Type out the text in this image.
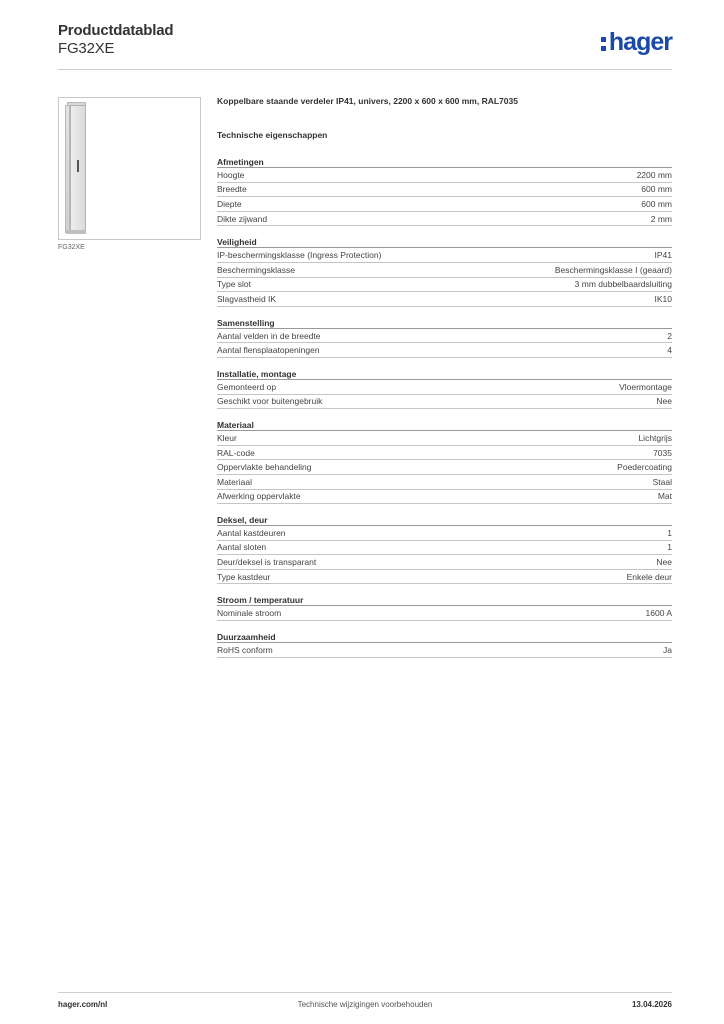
Productdatablad
FG32XE	hager
FG32XE
Koppelbare staande verdeler IP41, univers, 2200 x 600 x 600 mm, RAL7035
Technische eigenschappen
Afmetingen
Hoogte	2200 mm
Breedte	600 mm
Diepte	600 mm
Dikte zijwand	2 mm
Veiligheid
IP-beschermingsklasse (Ingress Protection)	IP41
Beschermingsklasse	Beschermingsklasse I (geaard)
Type slot	3 mm dubbelbaardsluiting
Slagvastheid IK	IK10
Samenstelling
Aantal velden in de breedte	2
Aantal flensplaatopeningen	4
Installatie, montage
Gemonteerd op	Vloermontage
Geschikt voor buitengebruik	Nee
Materiaal
Kleur	Lichtgrijs
RAL-code	7035
Oppervlakte behandeling	Poedercoating
Materiaal	Staal
Afwerking oppervlakte	Mat
Deksel, deur
Aantal kastdeuren	1
Aantal sloten	1
Deur/deksel is transparant	Nee
Type kastdeur	Enkele deur
Stroom / temperatuur
Nominale stroom	1600 A
Duurzaamheid
RoHS conform	Ja
hager.com/nl	Technische wijzigingen voorbehouden	13.04.2026
